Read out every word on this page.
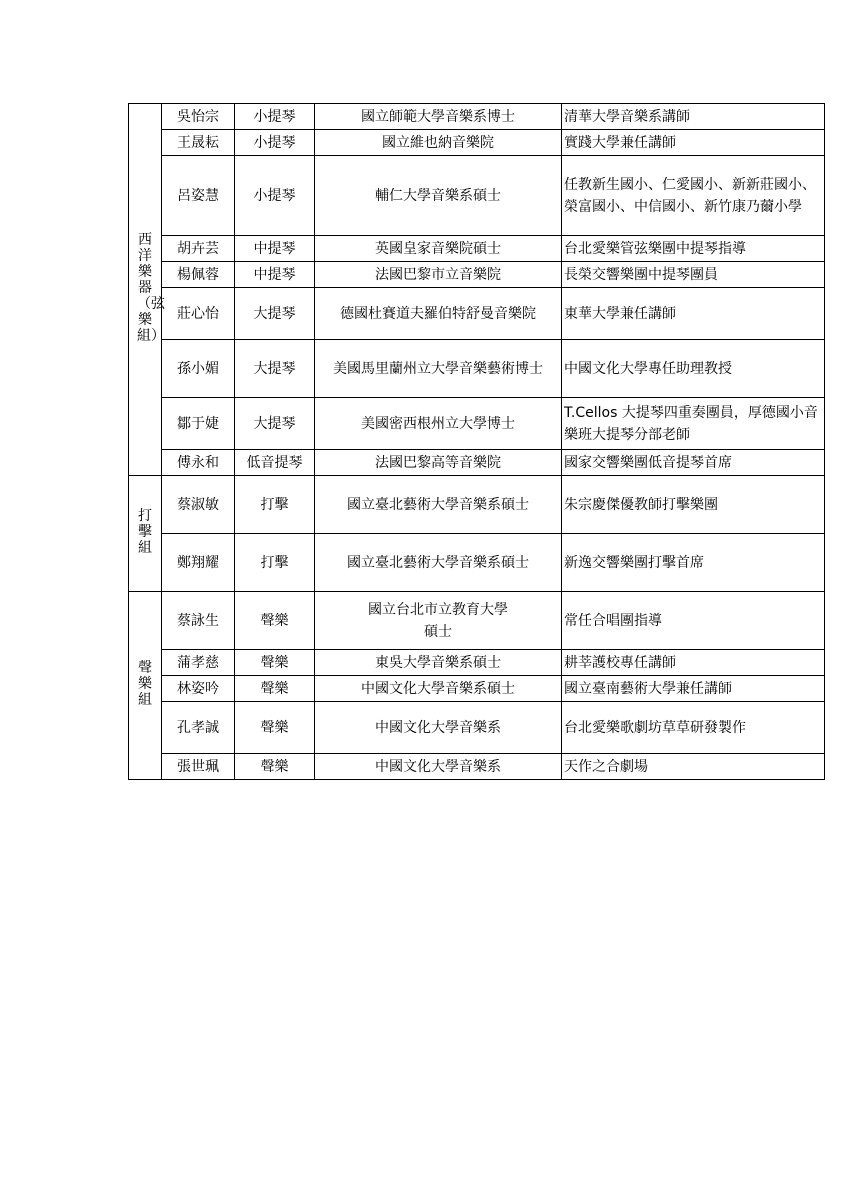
西洋樂器（弦樂組）	吳怡宗	小提琴	國立師範大學音樂系博士	清華大學音樂系講師
	王晟耘	小提琴	國立維也納音樂院	實踐大學兼任講師
	呂姿慧	小提琴	輔仁大學音樂系碩士	任教新生國小、仁愛國小、新新莊國小、榮富國小、中信國小、新竹康乃薾小學
	胡卉芸	中提琴	英國皇家音樂院碩士	台北愛樂管弦樂團中提琴指導
	楊佩蓉	中提琴	法國巴黎市立音樂院	長榮交響樂團中提琴團員
	莊心怡	大提琴	德國杜賽道夫羅伯特舒曼音樂院	東華大學兼任講師
	孫小媚	大提琴	美國馬里蘭州立大學音樂藝術博士	中國文化大學專任助理教授
	鄒于婕	大提琴	美國密西根州立大學博士	T.Cellos 大提琴四重奏團員，厚德國小音樂班大提琴分部老師
	傅永和	低音提琴	法國巴黎高等音樂院	國家交響樂團低音提琴首席
打擊組	蔡淑敏	打擊	國立臺北藝術大學音樂系碩士	朱宗慶傑優教師打擊樂團
	鄭翔耀	打擊	國立臺北藝術大學音樂系碩士	新逸交響樂團打擊首席
聲樂組	蔡詠生	聲樂	國立台北市立教育大學碩士	常任合唱團指導
	蒲孝慈	聲樂	東吳大學音樂系碩士	耕莘護校專任講師
	林姿吟	聲樂	中國文化大學音樂系碩士	國立臺南藝術大學兼任講師
	孔孝誠	聲樂	中國文化大學音樂系	台北愛樂歌劇坊草草研發製作
	張世珮	聲樂	中國文化大學音樂系	天作之合劇場
